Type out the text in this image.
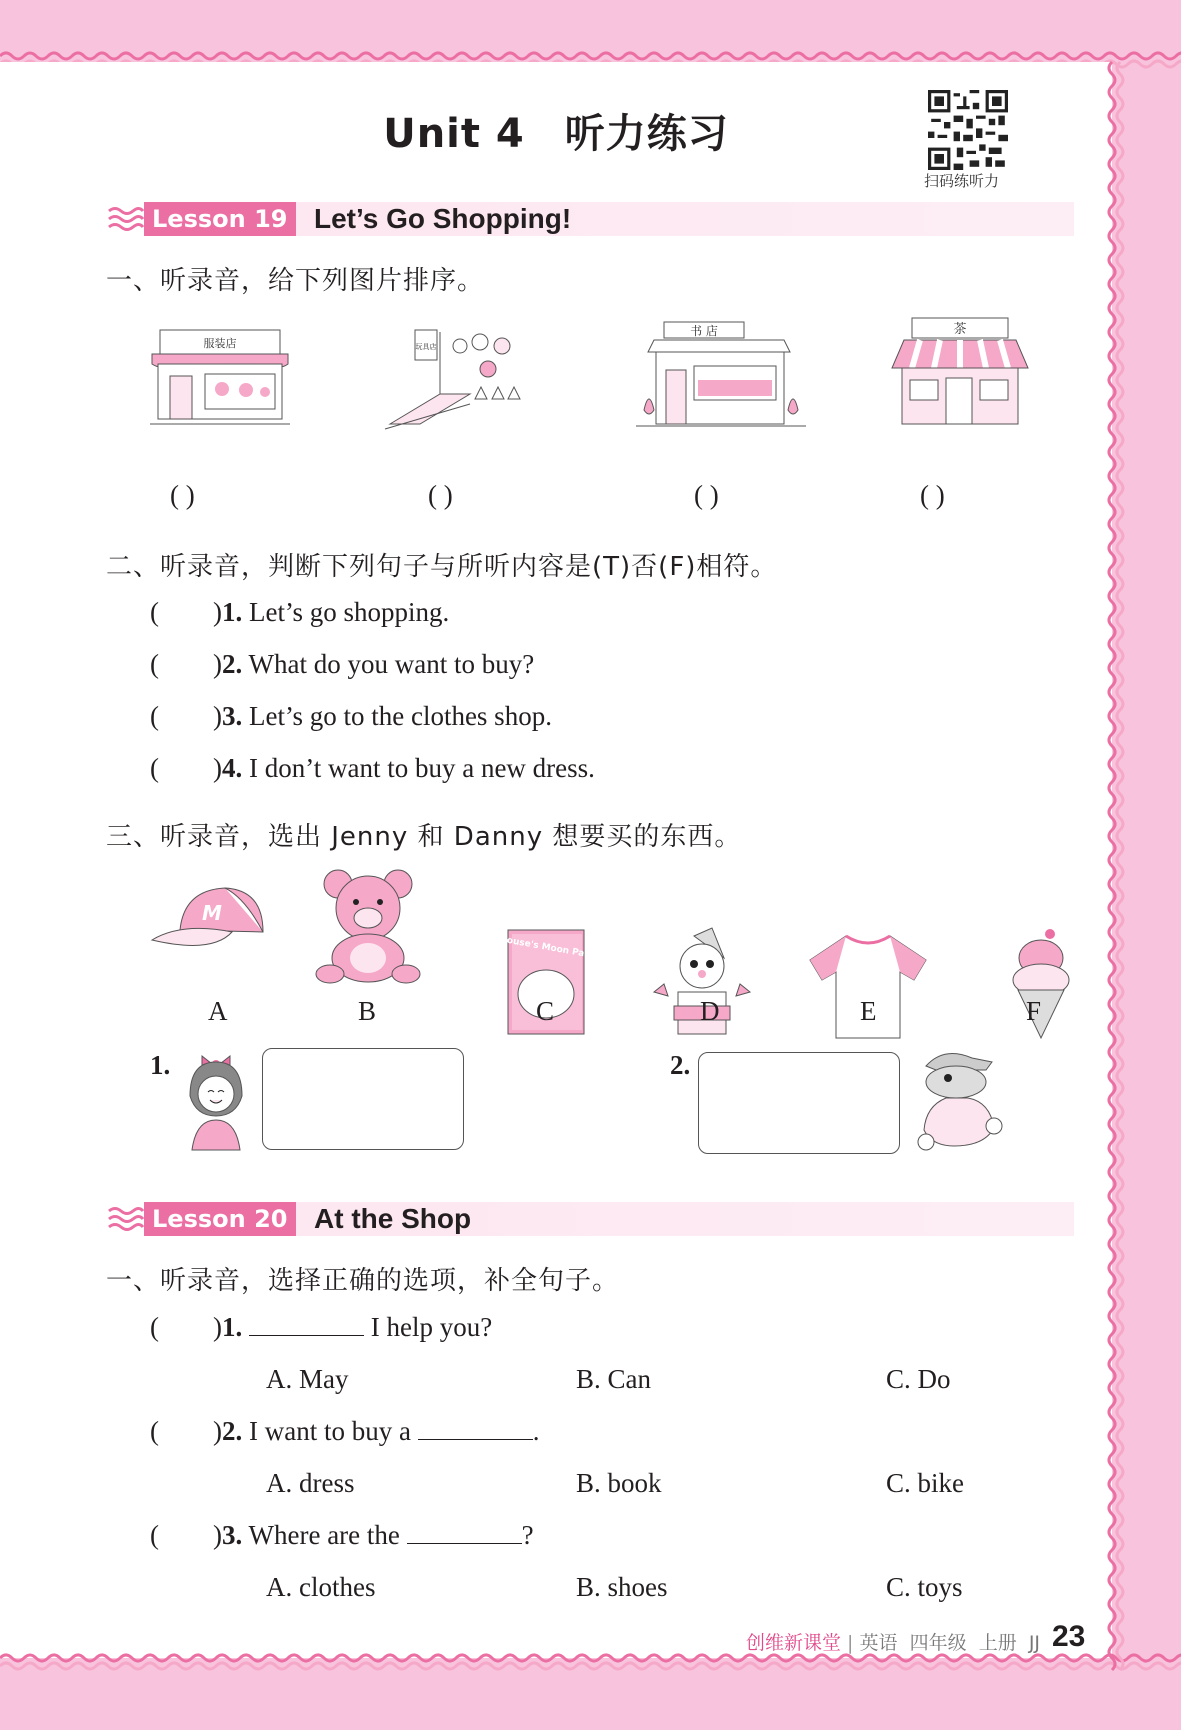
Unit 4 听力练习
扫码练听力
Lesson 19 Let’s Go Shopping!
一、听录音，给下列图片排序。
服装店	玩具店
书 店	茶
( )	( )	( )	( )
二、听录音，判断下列句子与所听内容是(T)否(F)相符。
(        )1. Let’s go shopping.
(        )2. What do you want to buy?
(        )3. Let’s go to the clothes shop.
(        )4. I don’t want to buy a new dress.
三、听录音，选出 Jenny 和 Danny 想要买的东西。
M
Mouse's Moon Party
A	B	C	D	E	F
1.	2.
Lesson 20 At the Shop
一、听录音，选择正确的选项，补全句子。
(        )1.	I help you?
A. May	B. Can	C. Do
(        )2. I want to buy a	.
A. dress	B. book	C. bike
(        )3. Where are the	?
A. clothes	B. shoes	C. toys
创维新课堂 | 英语 四年级 上册 JJ 23
